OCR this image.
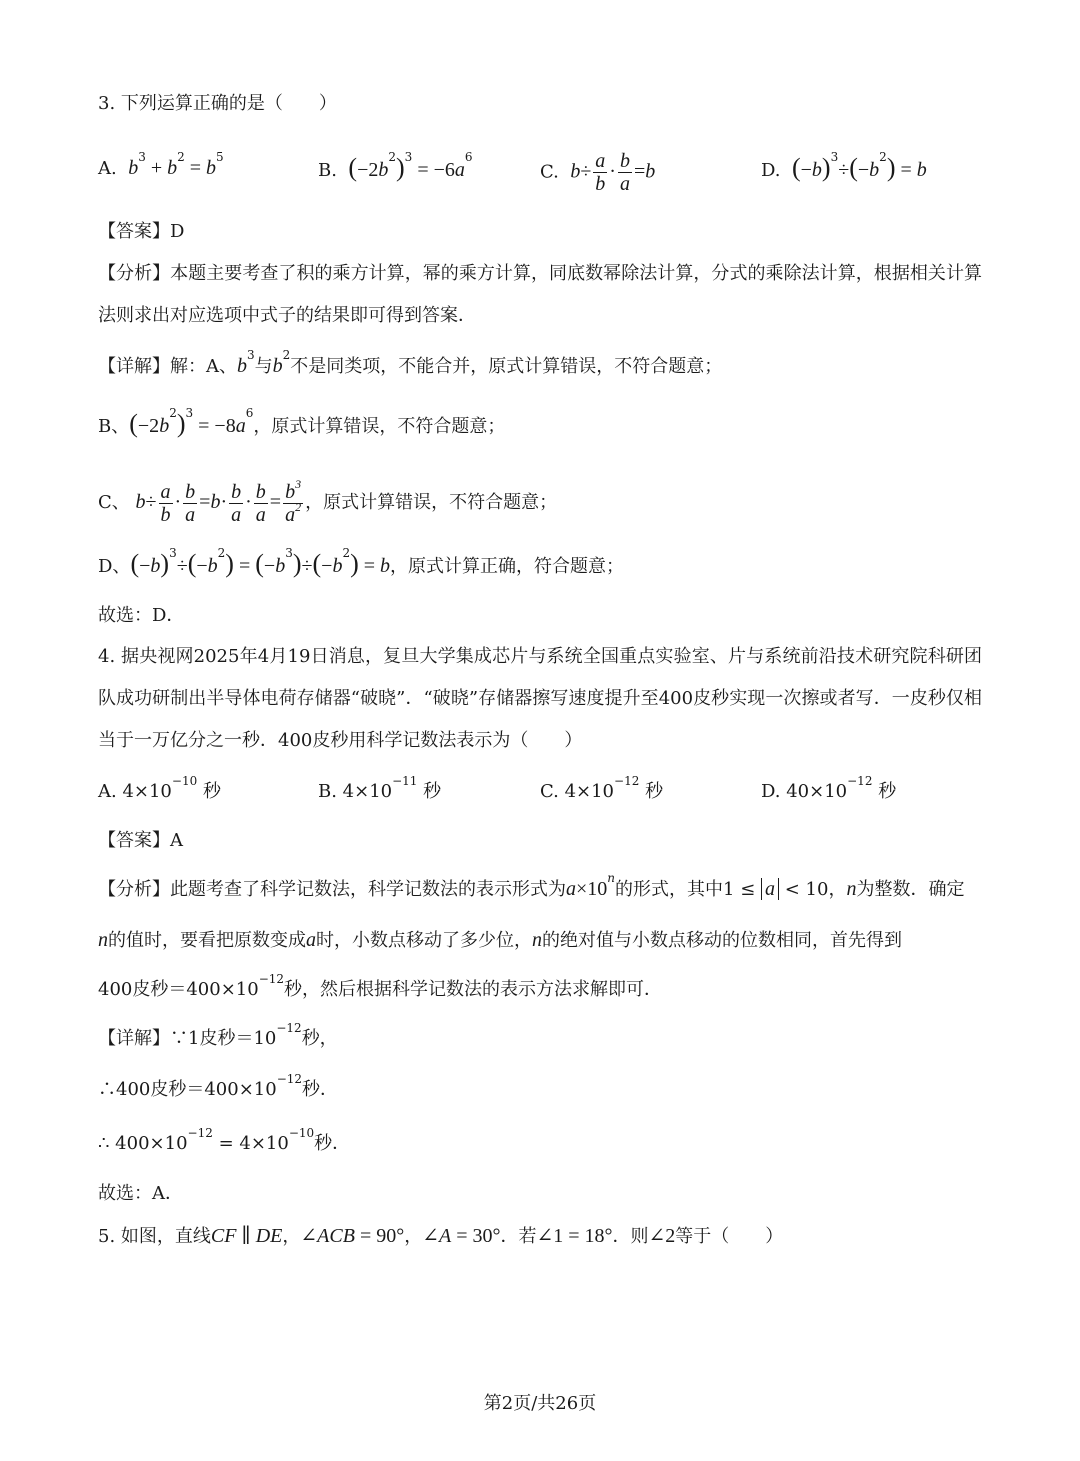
3. 下列运算正确的是（　　）
A. $b^3 + b^2 = b^5$
B. $(-2b^2)^3 = -6a^6$
C. $b\div \frac{a}{b} \cdot \frac{b}{a} =b$	D. $(-b)^3\div(-b^2) = b$
【答案】D
【分析】本题主要考查了积的乘方计算，幂的乘方计算，同底数幂除法计算，分式的乘除法计算，根据相关计算法则求出对应选项中式子的结果即可得到答案．
【详解】解：A、$b^3$与$b^2$不是同类项，不能合并，原式计算错误，不符合题意；
B、$(-2b^2)^3 = -8a^6$，原式计算错误，不符合题意；
C、 $b\div \frac{a}{b} \cdot \frac{b}{a} =b\cdot \frac{b}{a} \cdot \frac{b}{a} = \frac{b^3}{a^2}$ ，原式计算错误，不符合题意；
D、$(-b)^3\div(-b^2) = (-b^3)\div(-b^2) = b$，原式计算正确，符合题意；
故选：D．
4. 据央视网2025年4月19日消息，复旦大学集成芯片与系统全国重点实验室、片与系统前沿技术研究院科研团队成功研制出半导体电荷存储器“破晓”．“破晓”存储器擦写速度提升至400皮秒实现一次擦或者写．一皮秒仅相当于一万亿分之一秒．400皮秒用科学记数法表示为（　　）
A. $4\times 10^{-10}$ 秒	B. $4\times 10^{-11}$ 秒	C. $4\times 10^{-12}$ 秒	D. $40\times 10^{-12}$ 秒
【答案】A
【分析】此题考查了科学记数法，科学记数法的表示形式为$a\times 10^n$的形式，其中1 ≤ a < 10，n为整数．确定
n的值时，要看把原数变成a时，小数点移动了多少位，n的绝对值与小数点移动的位数相同，首先得到
400皮秒$=400\times 10^{-12}$秒，然后根据科学记数法的表示方法求解即可．
【详解】∵1皮秒$=10^{-12}$秒，
∴400皮秒$=400\times 10^{-12}$秒．
∴ $400\times 10^{-12} = 4\times 10^{-10}$秒．
故选：A．
5. 如图，直线CF ∥ DE，∠ACB = 90°，∠A = 30°．若∠1 = 18°．则∠2等于（　　）
第2页/共26页
